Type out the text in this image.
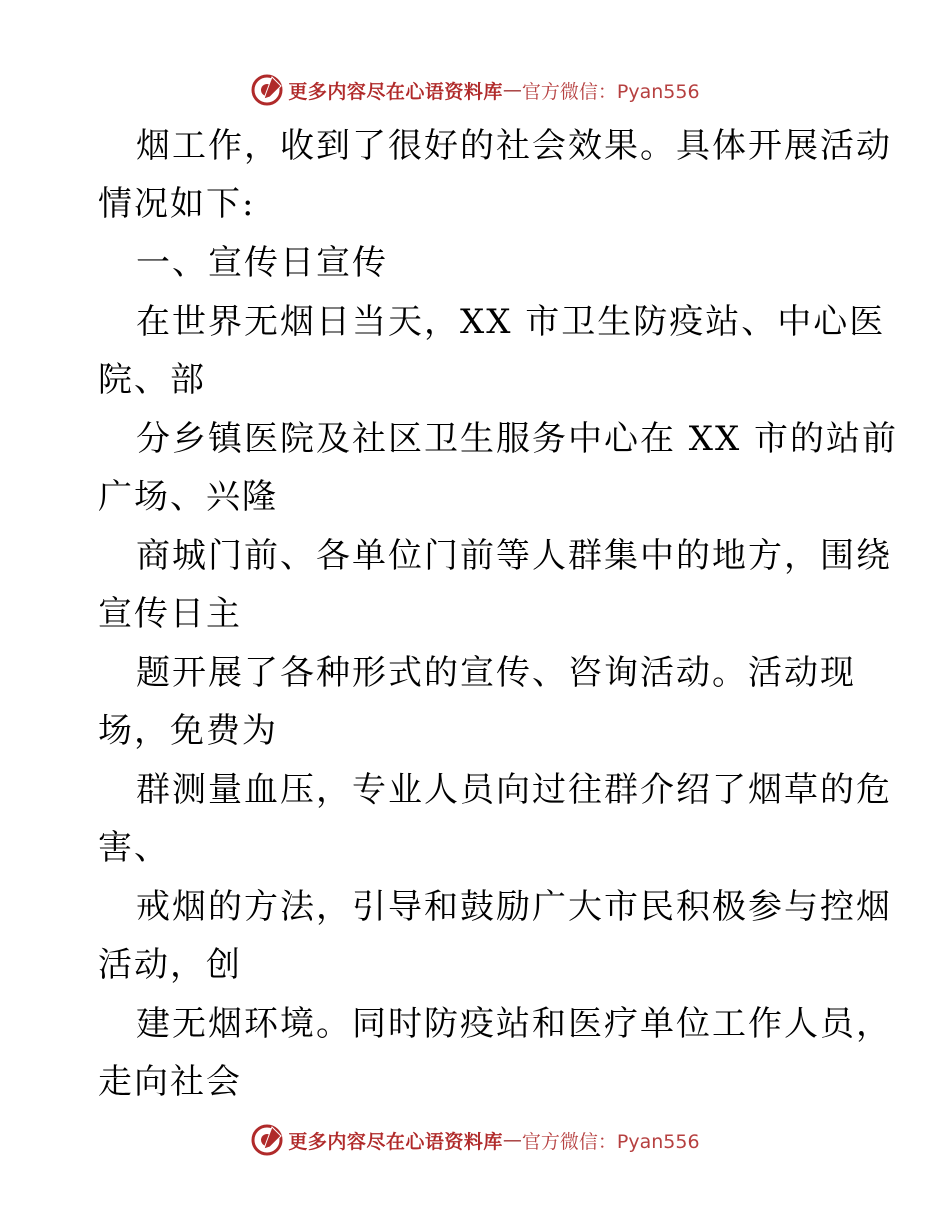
更多内容尽在心语资料库 — 官方微信：Pyan556
烟工作，收到了很好的社会效果。具体开展活动
情况如下:
一、宣传日宣传
在世界无烟日当天，XX 市卫生防疫站、中心医
院、部
分乡镇医院及社区卫生服务中心在 XX 市的站前
广场、兴隆
商城门前、各单位门前等人群集中的地方，围绕
宣传日主
题开展了各种形式的宣传、咨询活动。活动现
场，免费为
群测量血压，专业人员向过往群介绍了烟草的危
害、
戒烟的方法，引导和鼓励广大市民积极参与控烟
活动，创
建无烟环境。同时防疫站和医疗单位工作人员，
走向社会
更多内容尽在心语资料库 — 官方微信：Pyan556
